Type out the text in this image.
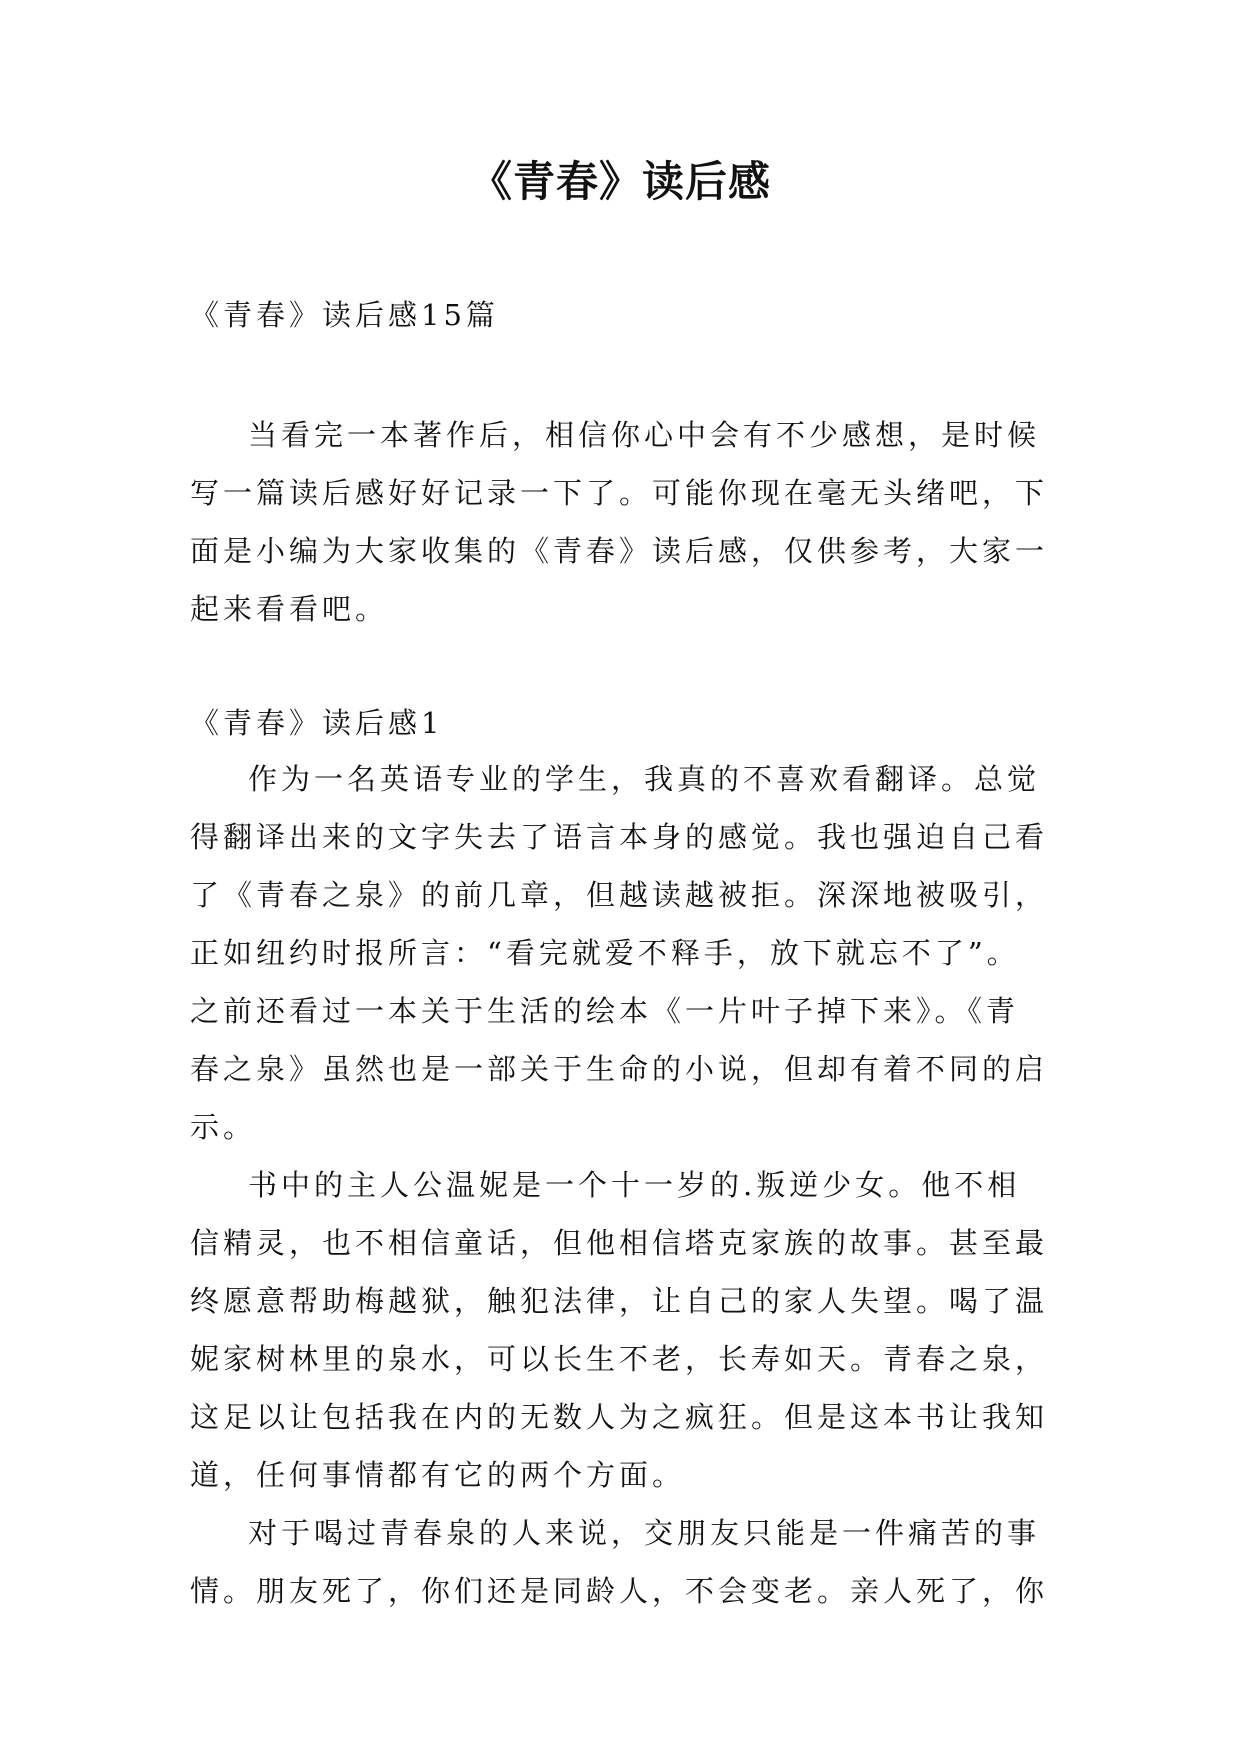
《青春》读后感
《青春》读后感15篇

当看完一本著作后，相信你心中会有不少感想，是时候写一篇读后感好好记录一下了。可能你现在毫无头绪吧，下面是小编为大家收集的《青春》读后感，仅供参考，大家一起来看看吧。

《青春》读后感1

作为一名英语专业的学生，我真的不喜欢看翻译。总觉得翻译出来的文字失去了语言本身的感觉。我也强迫自己看了《青春之泉》的前几章，但越读越被拒。深深地被吸引，正如纽约时报所言：“看完就爱不释手，放下就忘不了”。之前还看过一本关于生活的绘本《一片叶子掉下来》。《青春之泉》虽然也是一部关于生命的小说，但却有着不同的启示。

书中的主人公温妮是一个十一岁的.叛逆少女。他不相信精灵，也不相信童话，但他相信塔克家族的故事。甚至最终愿意帮助梅越狱，触犯法律，让自己的家人失望。喝了温妮家树林里的泉水，可以长生不老，长寿如天。青春之泉，这足以让包括我在内的无数人为之疯狂。但是这本书让我知道，任何事情都有它的两个方面。

对于喝过青春泉的人来说，交朋友只能是一件痛苦的事情。朋友死了，你们还是同龄人，不会变老。亲人死了，你
